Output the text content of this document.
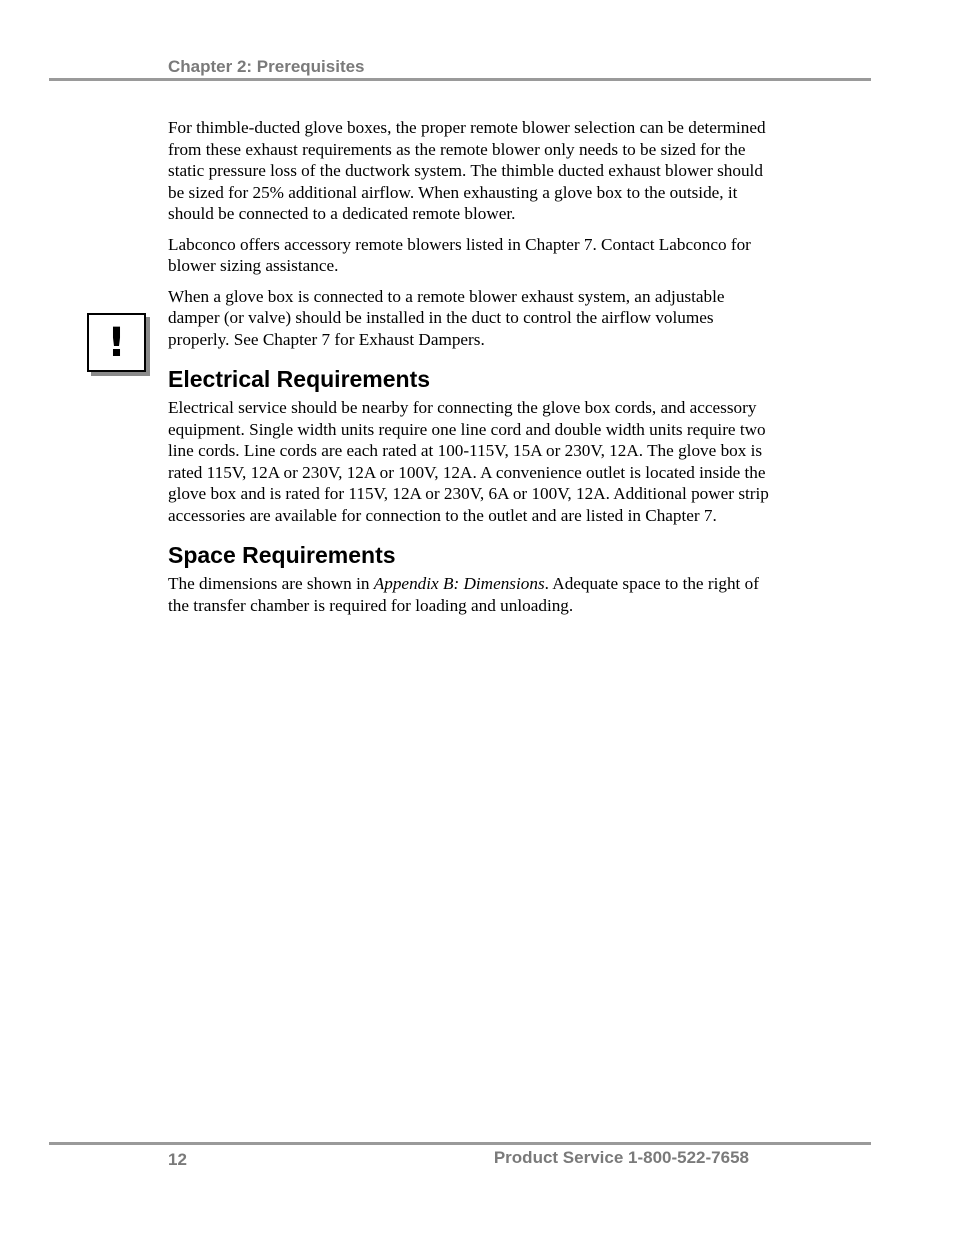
Chapter 2: Prerequisites
!

For thimble-ducted glove boxes, the proper remote blower selection can be determined from these exhaust requirements as the remote blower only needs to be sized for the static pressure loss of the ductwork system. The thimble ducted exhaust blower should be sized for 25% additional airflow. When exhausting a glove box to the outside, it should be connected to a dedicated remote blower.

Labconco offers accessory remote blowers listed in Chapter 7. Contact Labconco for blower sizing assistance.

When a glove box is connected to a remote blower exhaust system, an adjustable damper (or valve) should be installed in the duct to control the airflow volumes properly. See Chapter 7 for Exhaust Dampers.

Electrical Requirements

Electrical service should be nearby for connecting the glove box cords, and accessory equipment. Single width units require one line cord and double width units require two line cords. Line cords are each rated at 100-115V, 15A or 230V, 12A. The glove box is rated 115V, 12A or 230V, 12A or 100V, 12A. A convenience outlet is located inside the glove box and is rated for 115V, 12A or 230V, 6A or 100V, 12A. Additional power strip accessories are available for connection to the outlet and are listed in Chapter 7.

Space Requirements

The dimensions are shown in Appendix B: Dimensions. Adequate space to the right of the transfer chamber is required for loading and unloading.

12	Product Service 1-800-522-7658
